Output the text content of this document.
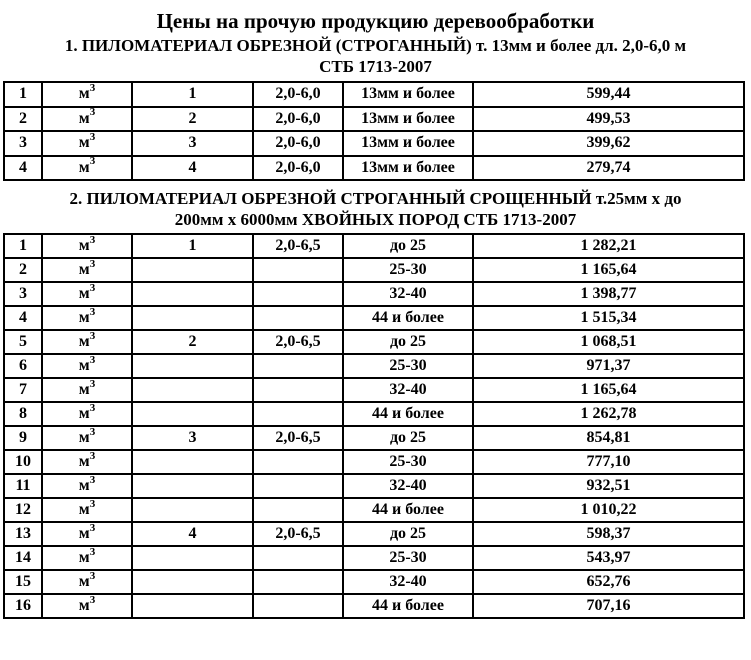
Цены на прочую продукцию деревообработки
1. ПИЛОМАТЕРИАЛ ОБРЕЗНОЙ (СТРОГАННЫЙ) т. 13мм и более дл. 2,0-6,0 м
СТБ 1713-2007
1	$м^3$	1	2,0-6,0	13мм и более	599,44
2	$м^3$	2	2,0-6,0	13мм и более	499,53
3	$м^3$	3	2,0-6,0	13мм и более	399,62
4	$м^3$	4	2,0-6,0	13мм и более	279,74
2. ПИЛОМАТЕРИАЛ ОБРЕЗНОЙ СТРОГАННЫЙ СРОЩЕННЫЙ т.25мм х до
200мм х 6000мм ХВОЙНЫХ ПОРОД СТБ 1713-2007
1	$м^3$	1	2,0-6,5	до 25	1 282,21
2	$м^3$			25-30	1 165,64
3	$м^3$			32-40	1 398,77
4	$м^3$			44 и более	1 515,34
5	$м^3$	2	2,0-6,5	до 25	1 068,51
6	$м^3$			25-30	971,37
7	$м^3$			32-40	1 165,64
8	$м^3$			44 и более	1 262,78
9	$м^3$	3	2,0-6,5	до 25	854,81
10	$м^3$			25-30	777,10
11	$м^3$			32-40	932,51
12	$м^3$			44 и более	1 010,22
13	$м^3$	4	2,0-6,5	до 25	598,37
14	$м^3$			25-30	543,97
15	$м^3$			32-40	652,76
16	$м^3$			44 и более	707,16
